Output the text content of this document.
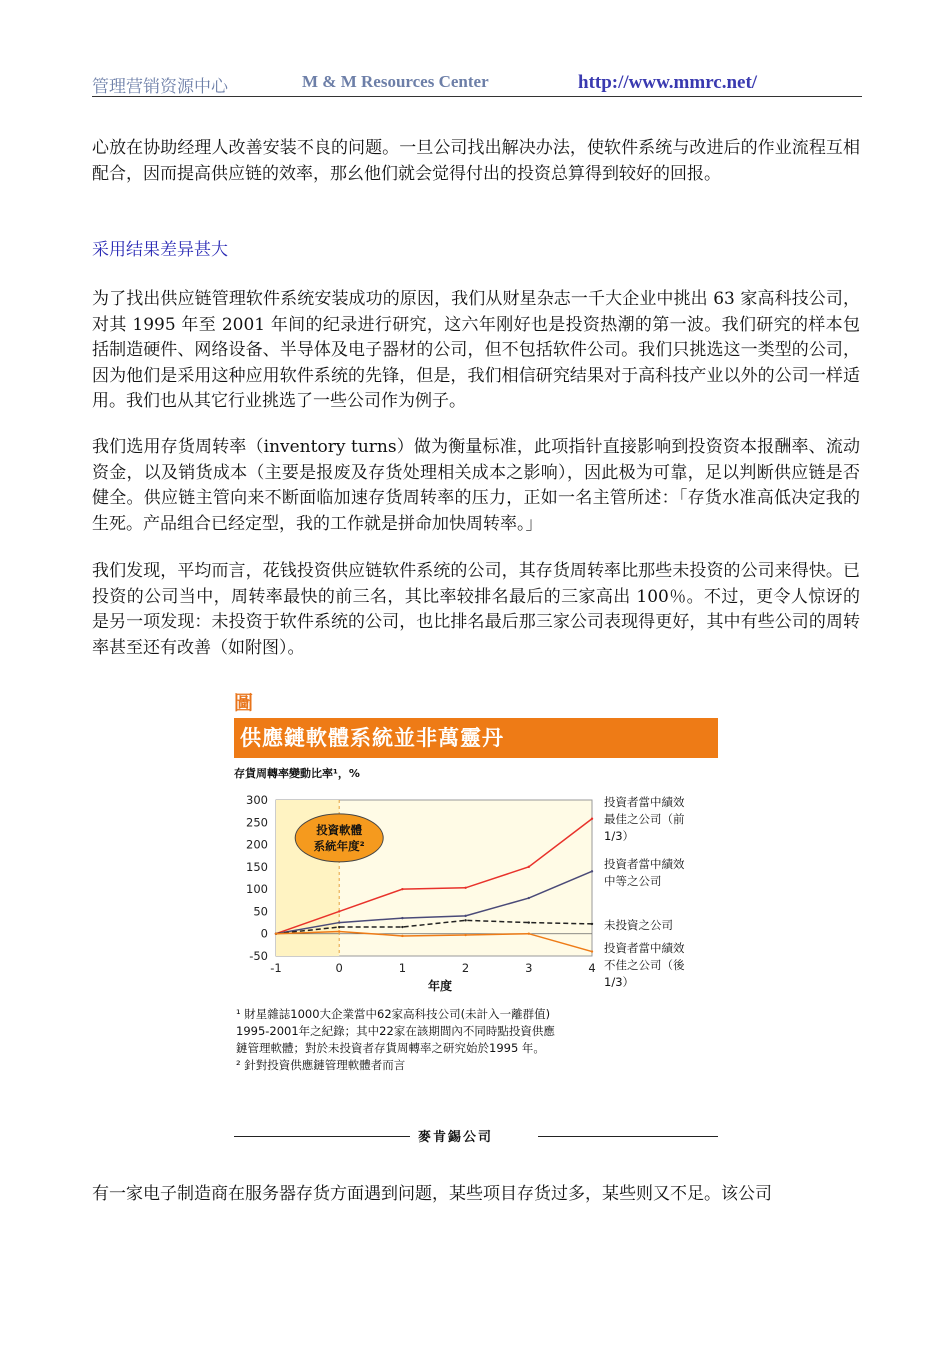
管理营销资源中心	M & M Resources Center	http://www.mmrc.net/

心放在协助经理人改善安装不良的问题。一旦公司找出解决办法，使软件系统与改进后的作业流程互相配合，因而提高供应链的效率，那幺他们就会觉得付出的投资总算得到较好的回报。

采用结果差异甚大

为了找出供应链管理软件系统安装成功的原因，我们从财星杂志一千大企业中挑出 63 家高科技公司，对其 1995 年至 2001 年间的纪录进行研究，这六年刚好也是投资热潮的第一波。我们研究的样本包括制造硬件、网络设备、半导体及电子器材的公司，但不包括软件公司。我们只挑选这一类型的公司，因为他们是采用这种应用软件系统的先锋，但是，我们相信研究结果对于高科技产业以外的公司一样适用。我们也从其它行业挑选了一些公司作为例子。

我们选用存货周转率（inventory turns）做为衡量标准，此项指针直接影响到投资资本报酬率、流动资金，以及销货成本（主要是报废及存货处理相关成本之影响），因此极为可靠，足以判断供应链是否健全。供应链主管向来不断面临加速存货周转率的压力，正如一名主管所述：「存货水准高低决定我的生死。产品组合已经定型，我的工作就是拼命加快周转率。」

我们发现，平均而言，花钱投资供应链软件系统的公司，其存货周转率比那些未投资的公司来得快。已投资的公司当中，周转率最快的前三名，其比率较排名最后的三家高出 100％。不过，更令人惊讶的是另一项发现：未投资于软件系统的公司，也比排名最后那三家公司表现得更好，其中有些公司的周转率甚至还有改善（如附图）。

圖
供應鏈軟體系統並非萬靈丹
存貨周轉率變動比率¹，%
300
250
200
150
100
50
0
-50
-1	0	1	2	3	4
年度
投資軟體
系統年度²
投資者當中績效
最佳之公司（前
1/3）
投資者當中績效
中等之公司
未投資之公司
投資者當中績效
不佳之公司（後
1/3）
¹ 財星雜誌1000大企業當中62家高科技公司(未計入一離群值)
1995-2001年之紀錄；其中22家在該期間內不同時點投資供應
鏈管理軟體；對於未投資者存貨周轉率之研究始於1995 年。
² 針對投資供應鏈管理軟體者而言
麥肯錫公司

有一家电子制造商在服务器存货方面遇到问题，某些项目存货过多，某些则又不足。该公司
